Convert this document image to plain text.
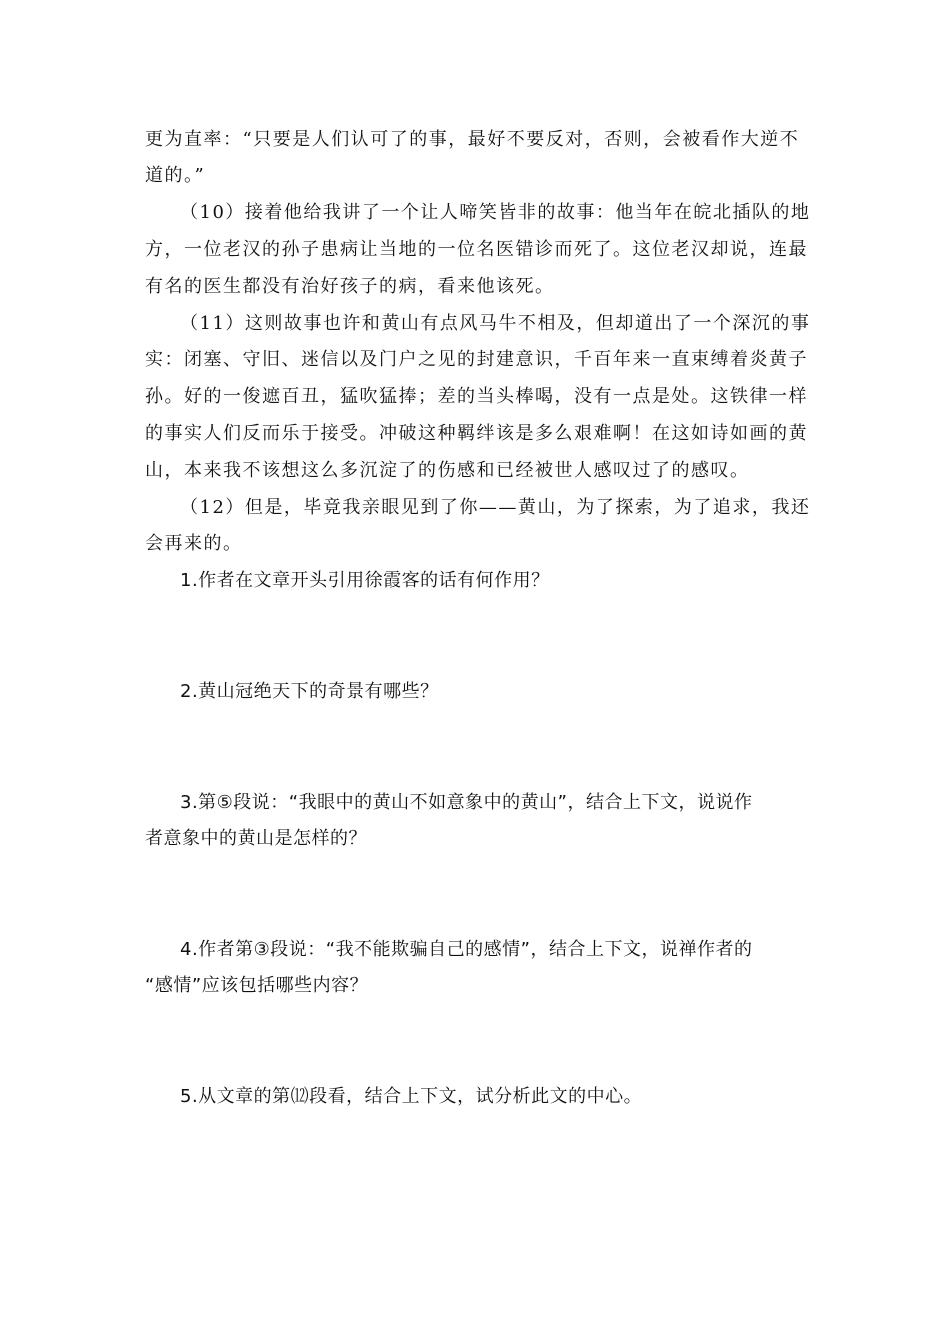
更为直率：“只要是人们认可了的事，最好不要反对，否则，会被看作大逆不
道的。”
（10）接着他给我讲了一个让人啼笑皆非的故事：他当年在皖北插队的地
方，一位老汉的孙子患病让当地的一位名医错诊而死了。这位老汉却说，连最
有名的医生都没有治好孩子的病，看来他该死。
（11）这则故事也许和黄山有点风马牛不相及，但却道出了一个深沉的事
实：闭塞、守旧、迷信以及门户之见的封建意识，千百年来一直束缚着炎黄子
孙。好的一俊遮百丑，猛吹猛捧；差的当头棒喝，没有一点是处。这铁律一样
的事实人们反而乐于接受。冲破这种羁绊该是多么艰难啊！在这如诗如画的黄
山，本来我不该想这么多沉淀了的伤感和已经被世人感叹过了的感叹。
（12）但是，毕竟我亲眼见到了你——黄山，为了探索，为了追求，我还
会再来的。
1.作者在文章开头引用徐霞客的话有何作用？
2.黄山冠绝天下的奇景有哪些？
3.第⑤段说：“我眼中的黄山不如意象中的黄山”，结合上下文，说说作
者意象中的黄山是怎样的？
4.作者第③段说：“我不能欺骗自己的感情”，结合上下文，说禅作者的
“感情”应该包括哪些内容？
5.从文章的第⑿段看，结合上下文，试分析此文的中心。
